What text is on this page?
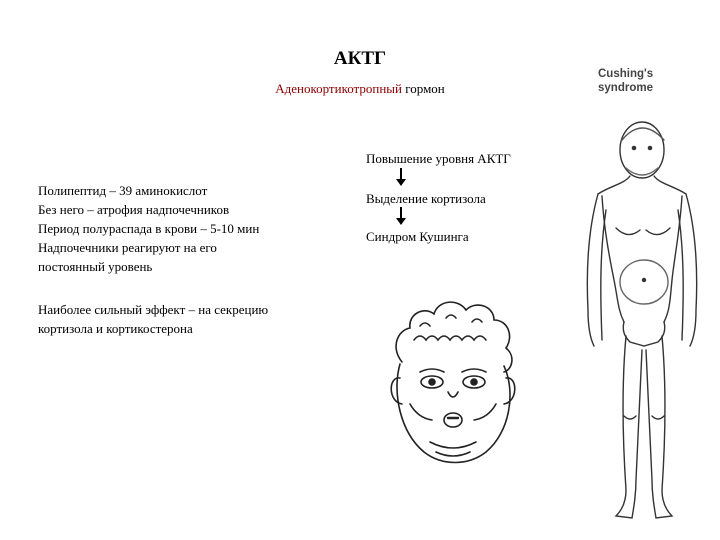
АКТГ
Аденокортикотропный гормон
Полипептид – 39 аминокислот
Без него – атрофия надпочечников
Период полураспада в крови – 5-10 мин
Надпочечники реагируют на его
постоянный уровень
Наиболее сильный эффект – на секрецию
кортизола и кортикостерона
Повышение уровня АКТГ
Выделение кортизола
Синдром Кушинга
Cushing's
syndrome
